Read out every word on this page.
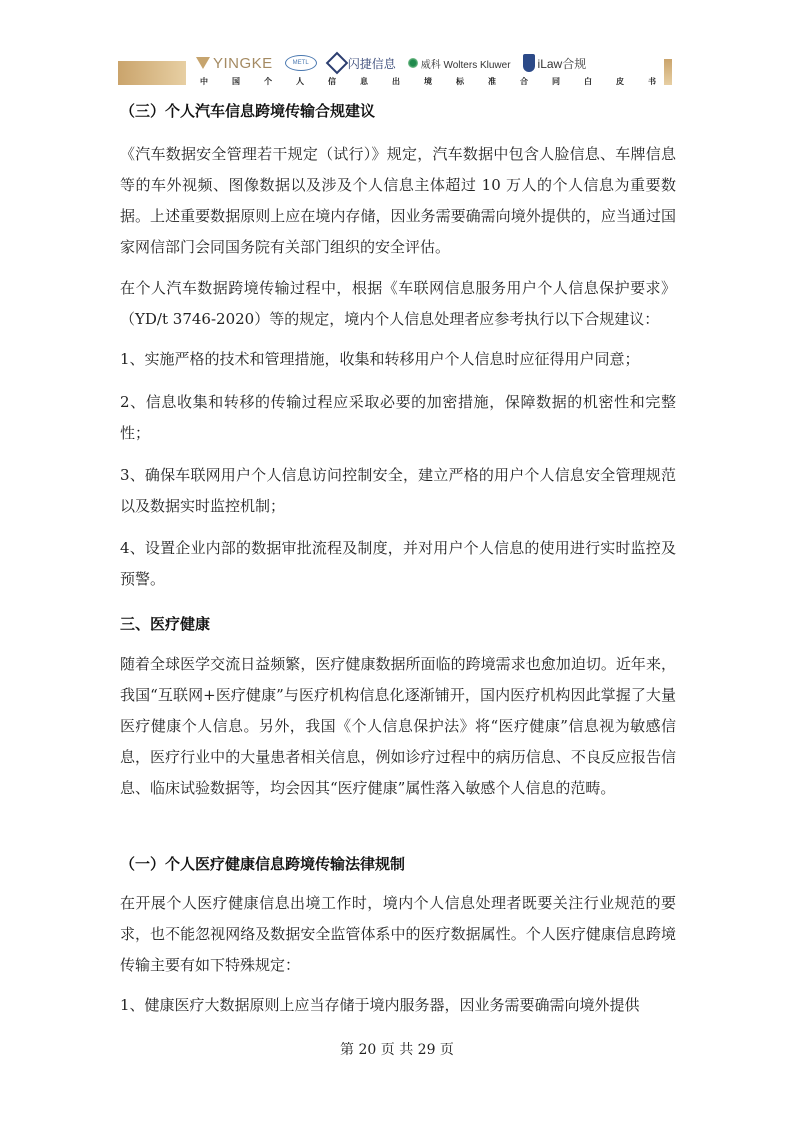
YINGKE	METL	闪捷信息	威科 Wolters Kluwer iLaw合规
中	国	个	人	信	息	出	境	标	准	合	同	白	皮	书
（三）个人汽车信息跨境传输合规建议
《汽车数据安全管理若干规定（试行）》规定，汽车数据中包含人脸信息、车牌信息等的车外视频、图像数据以及涉及个人信息主体超过 10 万人的个人信息为重要数据。上述重要数据原则上应在境内存储，因业务需要确需向境外提供的，应当通过国家网信部门会同国务院有关部门组织的安全评估。
在个人汽车数据跨境传输过程中，根据《车联网信息服务用户个人信息保护要求》（YD/t 3746-2020）等的规定，境内个人信息处理者应参考执行以下合规建议：
1、实施严格的技术和管理措施，收集和转移用户个人信息时应征得用户同意；
2、信息收集和转移的传输过程应采取必要的加密措施，保障数据的机密性和完整性；
3、确保车联网用户个人信息访问控制安全，建立严格的用户个人信息安全管理规范以及数据实时监控机制；
4、设置企业内部的数据审批流程及制度，并对用户个人信息的使用进行实时监控及预警。
三、医疗健康
随着全球医学交流日益频繁，医疗健康数据所面临的跨境需求也愈加迫切。近年来，我国“互联网+医疗健康”与医疗机构信息化逐渐铺开，国内医疗机构因此掌握了大量医疗健康个人信息。另外，我国《个人信息保护法》将“医疗健康”信息视为敏感信息，医疗行业中的大量患者相关信息，例如诊疗过程中的病历信息、不良反应报告信息、临床试验数据等，均会因其“医疗健康”属性落入敏感个人信息的范畴。
（一）个人医疗健康信息跨境传输法律规制
在开展个人医疗健康信息出境工作时，境内个人信息处理者既要关注行业规范的要求，也不能忽视网络及数据安全监管体系中的医疗数据属性。个人医疗健康信息跨境传输主要有如下特殊规定：
1、健康医疗大数据原则上应当存储于境内服务器，因业务需要确需向境外提供
第 20 页 共 29 页
